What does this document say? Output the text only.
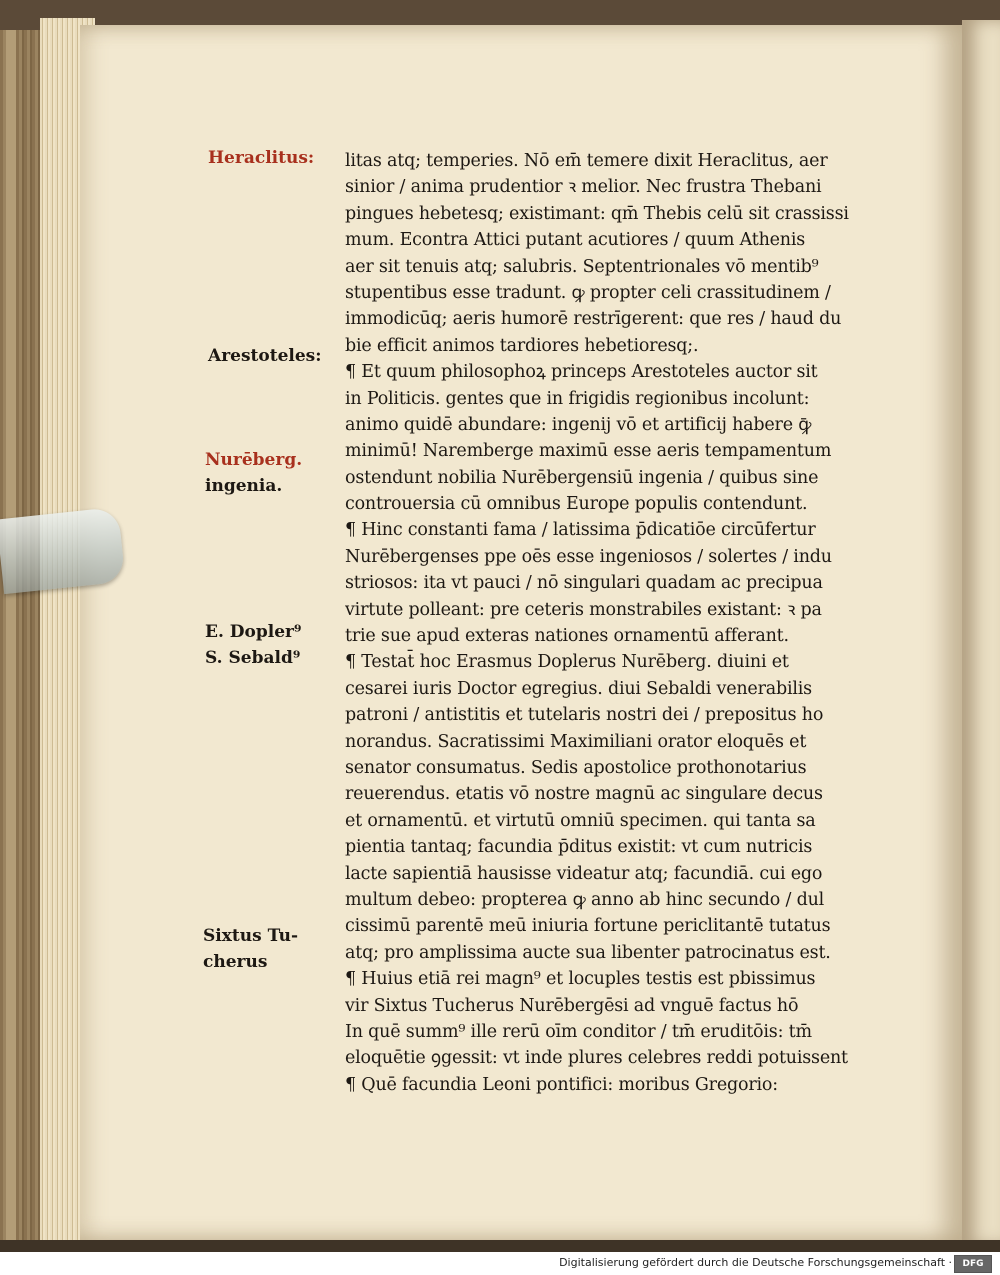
Heraclitus:
Arestoteles:
Nurēberg.
ingenia.
E. Dopler⁹
S. Sebald⁹
Sixtus Tu-
cherus
litas atq; temperies. Nō em̄ temere dixit Heraclitus, aer
sinior / anima prudentior ꝛ melior. Nec frustra Thebani
pingues hebetesq; existimant: qm̄ Thebis celū sit crassissi
mum. Econtra Attici putant acutiores / quum Athenis
aer sit tenuis atq; salubris. Septentrionales vō mentib⁹
stupentibus esse tradunt. ꝙ propter celi crassitudinem /
immodicūq; aeris humorē restrīgerent: que res / haud du
bie efficit animos tardiores hebetioresq;.
¶ Et quum philosophoꝝ princeps Arestoteles auctor sit
in Politicis. gentes que in frigidis regionibus incolunt:
animo quidē abundare: ingenij vō et artificij habere ꝙ̄
minimū! Naremberge maximū esse aeris tempamentum
ostendunt nobilia Nurēbergensiū ingenia / quibus sine
controuersia cū omnibus Europe populis contendunt.
¶ Hinc constanti fama / latissima p̄dicatiōe circūfertur
Nurēbergenses ppe oēs esse ingeniosos / solertes / indu
striosos: ita vt pauci / nō singulari quadam ac precipua
virtute polleant: pre ceteris monstrabiles existant: ꝛ pa
trie sue apud exteras nationes ornamentū afferant.
¶ Testat̄ hoc Erasmus Doplerus Nurēberg. diuini et
cesarei iuris Doctor egregius. diui Sebaldi venerabilis
patroni / antistitis et tutelaris nostri dei / prepositus ho
norandus. Sacratissimi Maximiliani orator eloquēs et
senator consumatus. Sedis apostolice prothonotarius
reuerendus. etatis vō nostre magnū ac singulare decus
et ornamentū. et virtutū omniū specimen. qui tanta sa
pientia tantaq; facundia p̄ditus existit: vt cum nutricis
lacte sapientiā hausisse videatur atq; facundiā. cui ego
multum debeo: propterea ꝙ anno ab hinc secundo / dul
cissimū parentē meū iniuria fortune periclitantē tutatus
atq; pro amplissima aucte sua libenter patrocinatus est.
¶ Huius etiā rei magn⁹ et locuples testis est pbissimus
vir Sixtus Tucherus Nurēbergēsi ad vnguē factus hō
In quē summ⁹ ille rerū oīm conditor / tm̄ eruditōis: tm̄
eloquētie ꝯgessit: vt inde plures celebres reddi potuissent
¶ Quē facundia Leoni pontifici: moribus Gregorio:
Digitalisierung gefördert durch die Deutsche Forschungsgemeinschaft ·	DFG
